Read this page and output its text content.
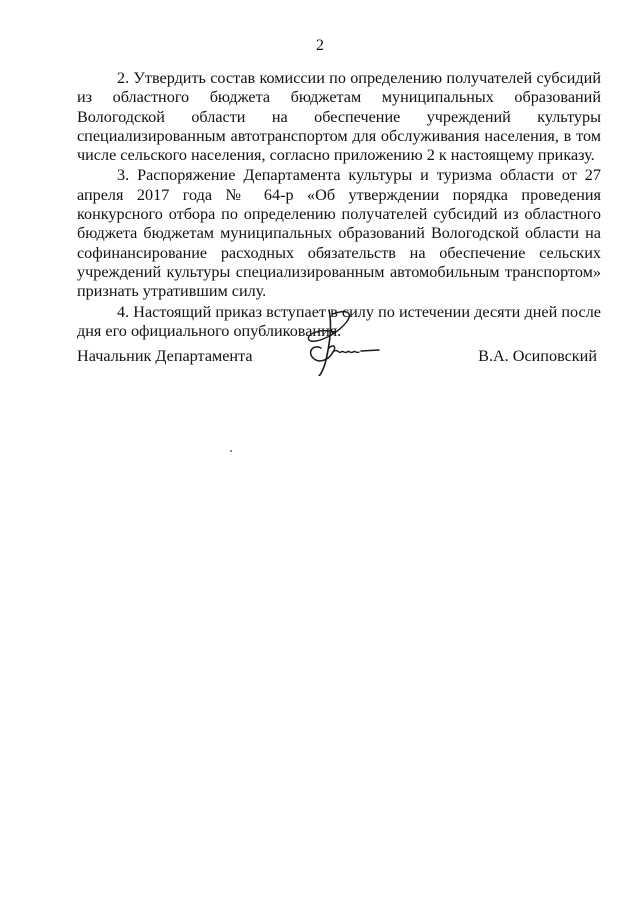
2

2. Утвердить состав комиссии по определению получателей субсидий из областного бюджета бюджетам муниципальных образований Вологодской области на обеспечение учреждений культуры специализированным автотранспортом для обслуживания населения, в том числе сельского населения, согласно приложению 2 к настоящему приказу.

3. Распоряжение Департамента культуры и туризма области от 27 апреля 2017 года № 64-р «Об утверждении порядка проведения конкурсного отбора по определению получателей субсидий из областного бюджета бюджетам муниципальных образований Вологодской области на софинансирование расходных обязательств на обеспечение сельских учреждений культуры специализированным автомобильным транспортом» признать утратившим силу.

4. Настоящий приказ вступает в силу по истечении десяти дней после дня его официального опубликования.

Начальник Департамента	В.А. Осиповский
